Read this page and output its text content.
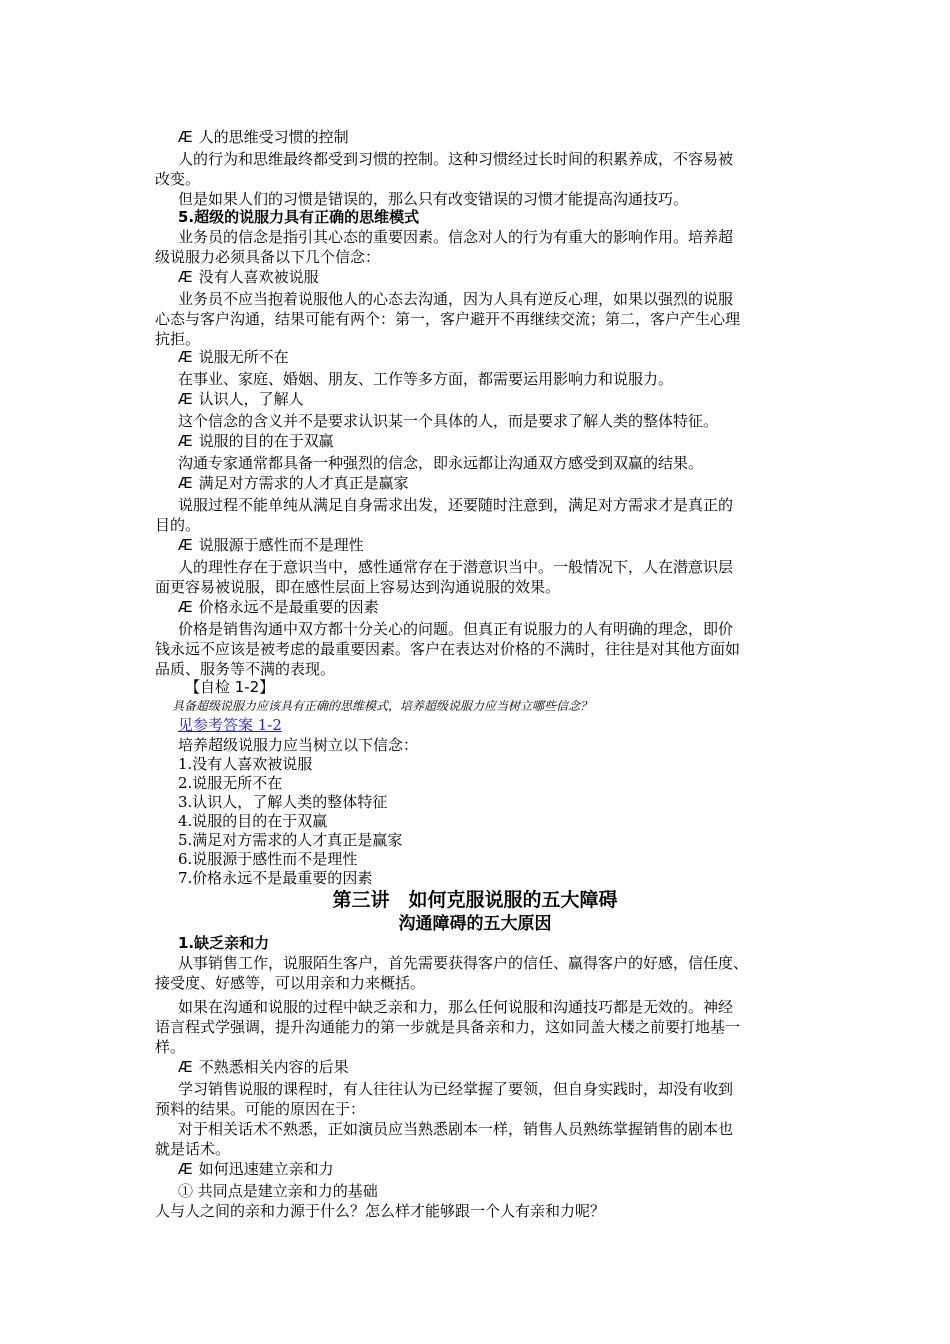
Æ 人的思维受习惯的控制
人的行为和思维最终都受到习惯的控制。这种习惯经过长时间的积累养成，不容易被
改变。
但是如果人们的习惯是错误的，那么只有改变错误的习惯才能提高沟通技巧。
5.超级的说服力具有正确的思维模式
业务员的信念是指引其心态的重要因素。信念对人的行为有重大的影响作用。培养超
级说服力必须具备以下几个信念：
Æ 没有人喜欢被说服
业务员不应当抱着说服他人的心态去沟通，因为人具有逆反心理，如果以强烈的说服
心态与客户沟通，结果可能有两个：第一，客户避开不再继续交流；第二，客户产生心理
抗拒。
Æ 说服无所不在
在事业、家庭、婚姻、朋友、工作等多方面，都需要运用影响力和说服力。
Æ 认识人，了解人
这个信念的含义并不是要求认识某一个具体的人，而是要求了解人类的整体特征。
Æ 说服的目的在于双赢
沟通专家通常都具备一种强烈的信念，即永远都让沟通双方感受到双赢的结果。
Æ 满足对方需求的人才真正是赢家
说服过程不能单纯从满足自身需求出发，还要随时注意到，满足对方需求才是真正的
目的。
Æ 说服源于感性而不是理性
人的理性存在于意识当中，感性通常存在于潜意识当中。一般情况下，人在潜意识层
面更容易被说服，即在感性层面上容易达到沟通说服的效果。
Æ 价格永远不是最重要的因素
价格是销售沟通中双方都十分关心的问题。但真正有说服力的人有明确的理念，即价
钱永远不应该是被考虑的最重要因素。客户在表达对价格的不满时，往往是对其他方面如
品质、服务等不满的表现。
【自检 1-2】
具备超级说服力应该具有正确的思维模式，培养超级说服力应当树立哪些信念？
见参考答案 1-2
培养超级说服力应当树立以下信念：
1.没有人喜欢被说服
2.说服无所不在
3.认识人，了解人类的整体特征
4.说服的目的在于双赢
5.满足对方需求的人才真正是赢家
6.说服源于感性而不是理性
7.价格永远不是最重要的因素
第三讲　如何克服说服的五大障碍
沟通障碍的五大原因
1.缺乏亲和力
从事销售工作，说服陌生客户，首先需要获得客户的信任、赢得客户的好感，信任度、
接受度、好感等，可以用亲和力来概括。
如果在沟通和说服的过程中缺乏亲和力，那么任何说服和沟通技巧都是无效的。神经
语言程式学强调，提升沟通能力的第一步就是具备亲和力，这如同盖大楼之前要打地基一
样。
Æ 不熟悉相关内容的后果
学习销售说服的课程时，有人往往认为已经掌握了要领，但自身实践时，却没有收到
预料的结果。可能的原因在于：
对于相关话术不熟悉，正如演员应当熟悉剧本一样，销售人员熟练掌握销售的剧本也
就是话术。
Æ 如何迅速建立亲和力
① 共同点是建立亲和力的基础
人与人之间的亲和力源于什么？怎么样才能够跟一个人有亲和力呢？
